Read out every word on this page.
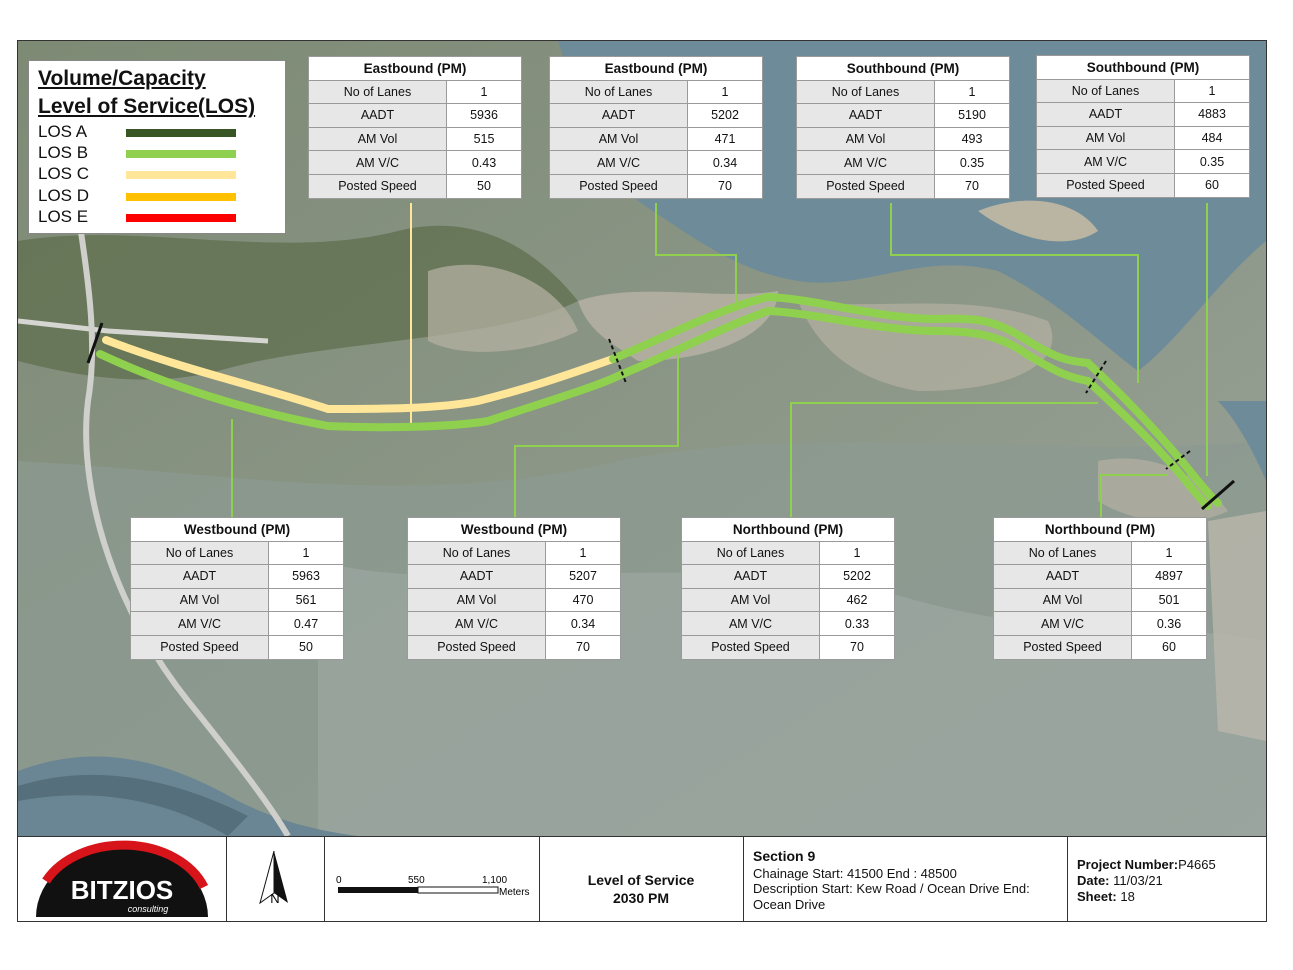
Volume/Capacity
Level of Service(LOS)
LOS A
LOS B
LOS C
LOS D
LOS E
Eastbound (PM)	
No of Lanes	1
AADT	5936
AM Vol	515
AM V/C	0.43
Posted Speed	50
Eastbound (PM)	
No of Lanes	1
AADT	5202
AM Vol	471
AM V/C	0.34
Posted Speed	70
Southbound (PM)	
No of Lanes	1
AADT	5190
AM Vol	493
AM V/C	0.35
Posted Speed	70
Southbound (PM)	
No of Lanes	1
AADT	4883
AM Vol	484
AM V/C	0.35
Posted Speed	60
Westbound (PM)	
No of Lanes	1
AADT	5963
AM Vol	561
AM V/C	0.47
Posted Speed	50
Westbound (PM)	
No of Lanes	1
AADT	5207
AM Vol	470
AM V/C	0.34
Posted Speed	70
Northbound (PM)	
No of Lanes	1
AADT	5202
AM Vol	462
AM V/C	0.33
Posted Speed	70
Northbound (PM)	
No of Lanes	1
AADT	4897
AM Vol	501
AM V/C	0.36
Posted Speed	60
BITZIOS
consulting
N
0	550	1,100
Meters
Level of Service
2030 PM
Section 9
Chainage Start: 41500 End : 48500
Description Start: Kew Road / Ocean Drive End:
Ocean Drive
Project Number:P4665
Date: 11/03/21
Sheet: 18
